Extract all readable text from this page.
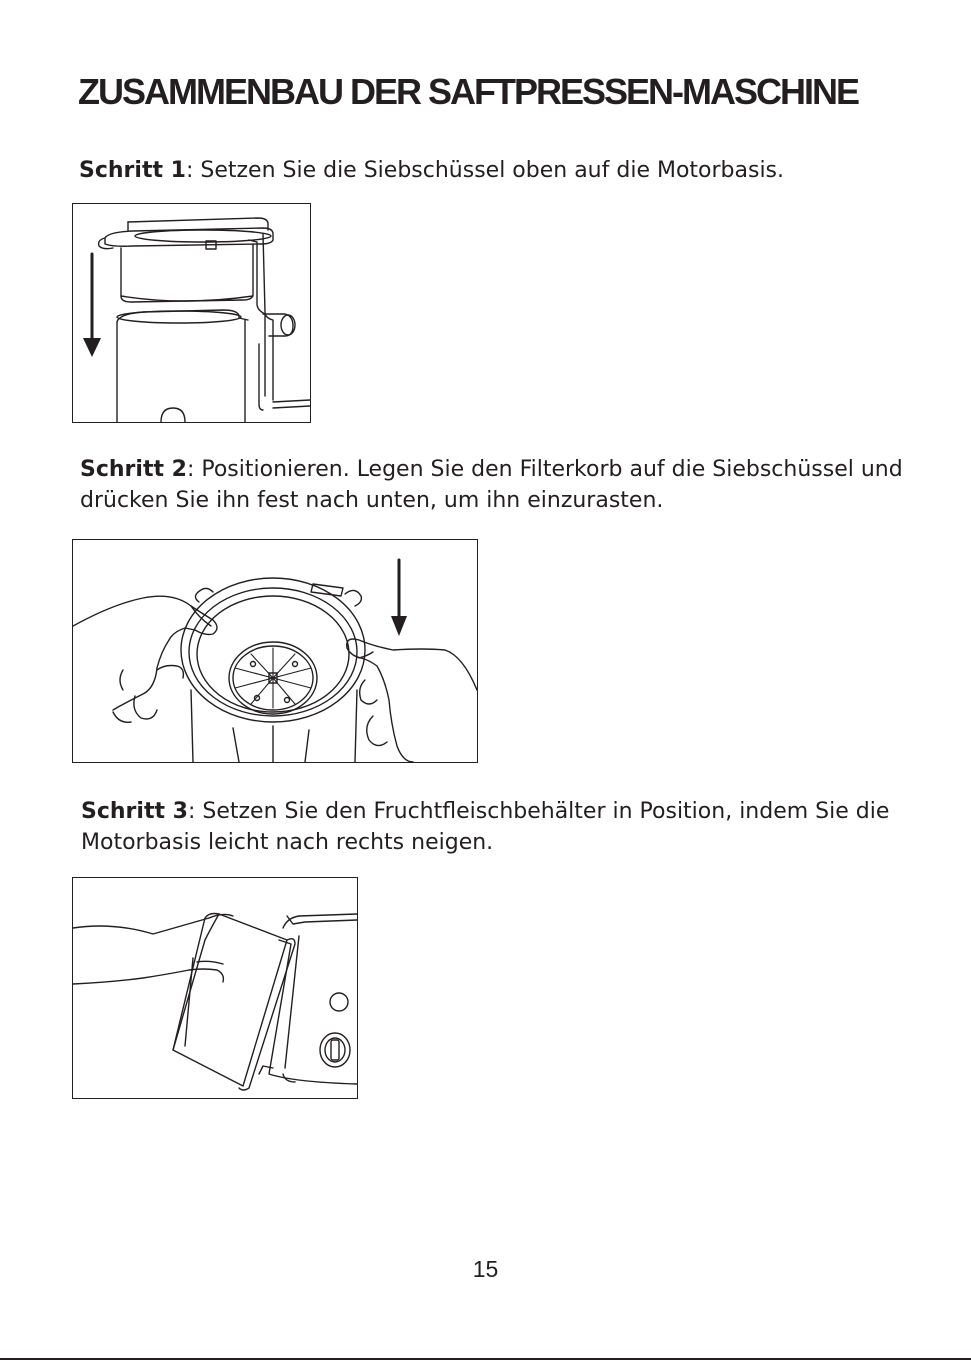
ZUSAMMENBAU DER SAFTPRESSEN-MASCHINE

Schritt 1: Setzen Sie die Siebschüssel oben auf die Motorbasis.

Schritt 2: Positionieren. Legen Sie den Filterkorb auf die Siebschüssel und drücken Sie ihn fest nach unten, um ihn einzurasten.

Schritt 3: Setzen Sie den Fruchtfleischbehälter in Position, indem Sie die Motorbasis leicht nach rechts neigen.

15
